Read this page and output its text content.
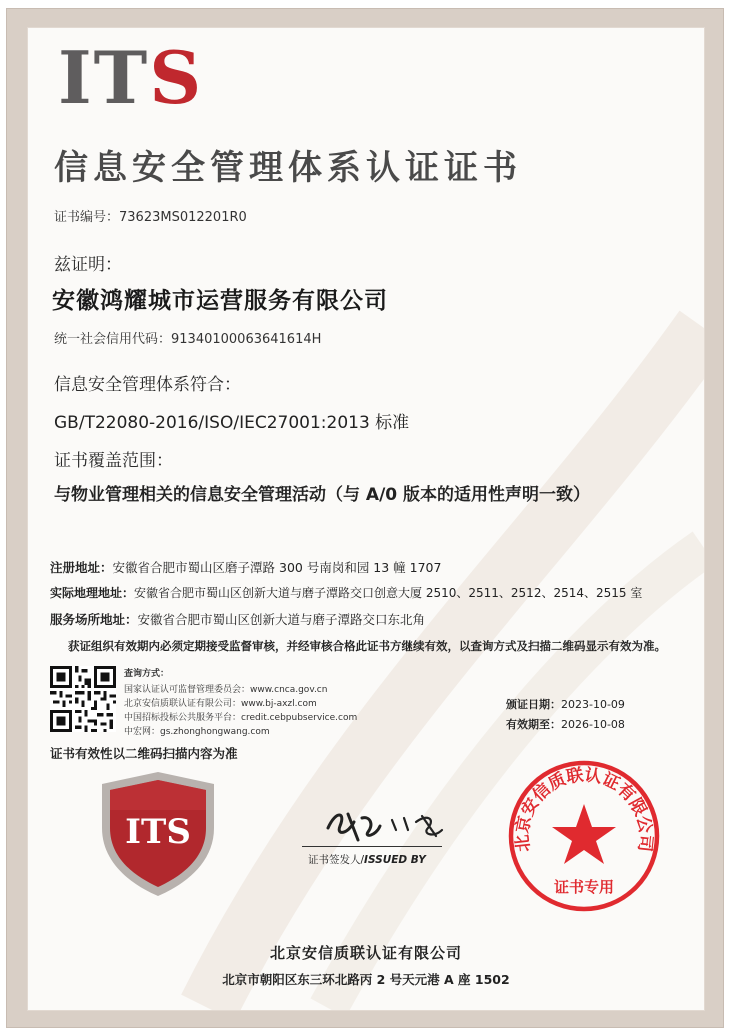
ITS
信息安全管理体系认证证书
证书编号：73623MS012201R0
兹证明：
安徽鸿耀城市运营服务有限公司
统一社会信用代码：91340100063641614H
信息安全管理体系符合：
GB/T22080-2016/ISO/IEC27001:2013 标准
证书覆盖范围：
与物业管理相关的信息安全管理活动（与 A/0 版本的适用性声明一致）
注册地址：安徽省合肥市蜀山区磨子潭路 300 号南岗和园 13 幢 1707
实际地理地址：安徽省合肥市蜀山区创新大道与磨子潭路交口创意大厦 2510、2511、2512、2514、2515 室
服务场所地址：安徽省合肥市蜀山区创新大道与磨子潭路交口东北角
获证组织有效期内必须定期接受监督审核，并经审核合格此证书方继续有效，以查询方式及扫描二维码显示有效为准。
查询方式：
国家认证认可监督管理委员会：www.cnca.gov.cn
北京安信质联认证有限公司：www.bj-axzl.com
中国招标投标公共服务平台：credit.cebpubservice.com
中宏网：gs.zhonghongwang.com
颁证日期：2023-10-09
有效期至：2026-10-08
证书有效性以二维码扫描内容为准
ITS
证书签发人/ISSUED BY
北京安信质联认证有限公司
证书专用
北京安信质联认证有限公司
北京市朝阳区东三环北路丙 2 号天元港 A 座 1502
